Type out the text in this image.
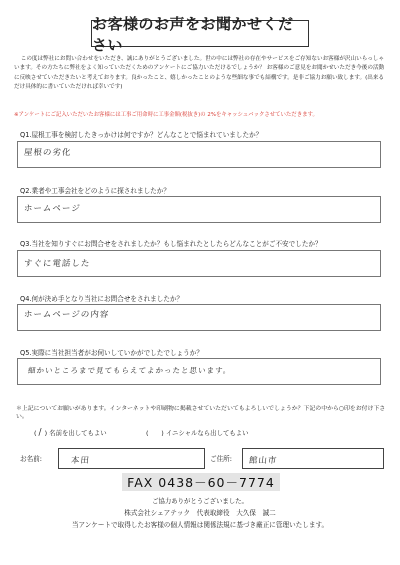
お客様のお声をお聞かせください
この度は弊社にお問い合わせをいただき、誠にありがとうございました。世の中には弊社の存在やサービスをご存知ないお客様が沢山いらっしゃいます。その方たちに弊社をよく知っていただくためのアンケートにご協力いただけるでしょうか？ お客様のご意見をお聞かせいただき今後の活動に反映させていただきたいと考えております。良かったこと、嬉しかったことのような些細な事でも結構です。是非ご協力お願い致します。(出来るだけ具体的に書いていただければ幸いです)
※アンケートにご記入いただいたお客様には工事ご用命時に工事金額(税抜き)の 2%をキャッシュバックさせていただきます。
Q1.屋根工事を検討したきっかけは何ですか？どんなことで悩まれていましたか？
屋根の劣化
Q2.業者や工事会社をどのように探されましたか？
ホームページ
Q3.当社を知りすぐにお問合せをされましたか？もし悩まれたとしたらどんなことがご不安でしたか？
すぐに電話した
Q4.何が決め手となり当社にお問合せをされましたか？
ホームページの内容
Q5.実際に当社担当者がお伺いしていかがでしたでしょうか？
細かいところまで見てもらえてよかったと思います。
＊上記についてお願いがあります。インターネットや印刷物に掲載させていただいてもよろしいでしょうか？下記の中から○印をお付け下さい。
( / ) 名前を出してもよい	(　　) イニシャルなら出してもよい
お名前:	本田	ご住所: 館山市
FAX 0438－60－7774
ご協力ありがとうございました。
株式会社シェアテック　代表取締役　大久保　誠二
当アンケートで取得したお客様の個人情報は関係法規に基づき厳正に管理いたします。
